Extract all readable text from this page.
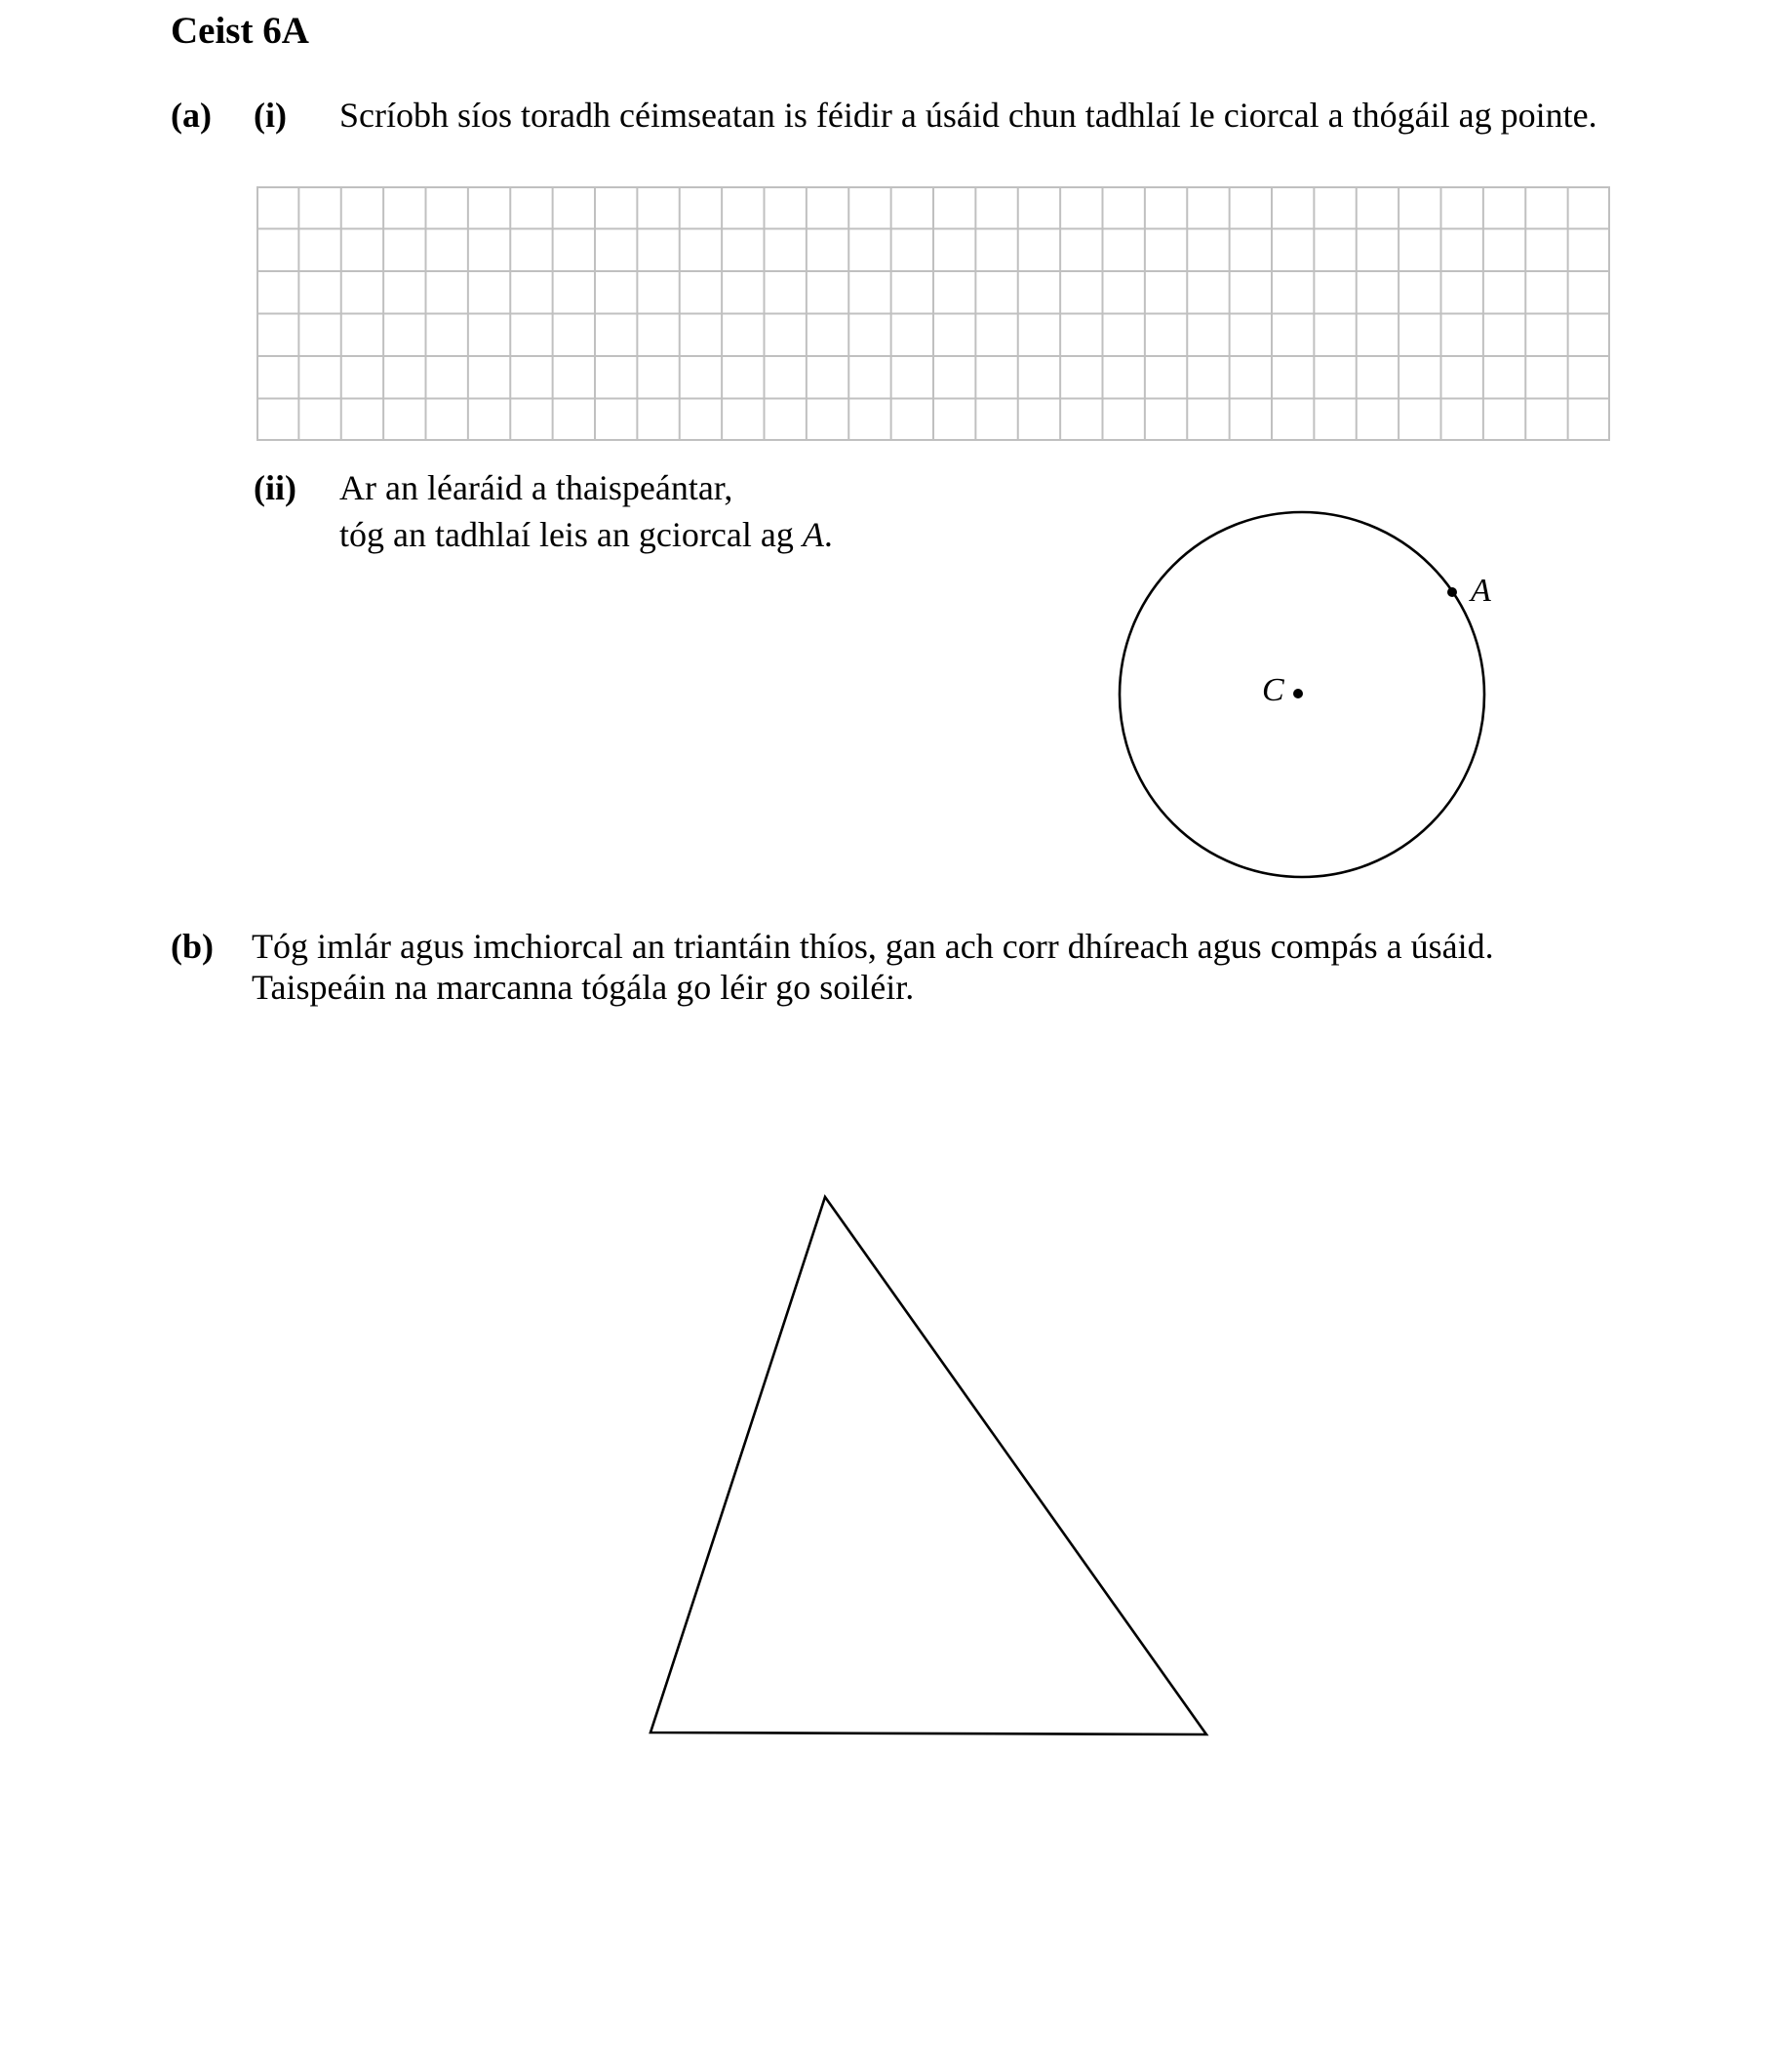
Ceist 6A
(a) (i) Scríobh síos toradh céimseatan is féidir a úsáid chun tadhlaí le ciorcal a thógáil ag pointe.
(ii) Ar an léaráid a thaispeántar,
tóg an tadhlaí leis an gciorcal ag A.
C
A
(b) Tóg imlár agus imchiorcal an triantáin thíos, gan ach corr dhíreach agus compás a úsáid.
Taispeáin na marcanna tógála go léir go soiléir.
